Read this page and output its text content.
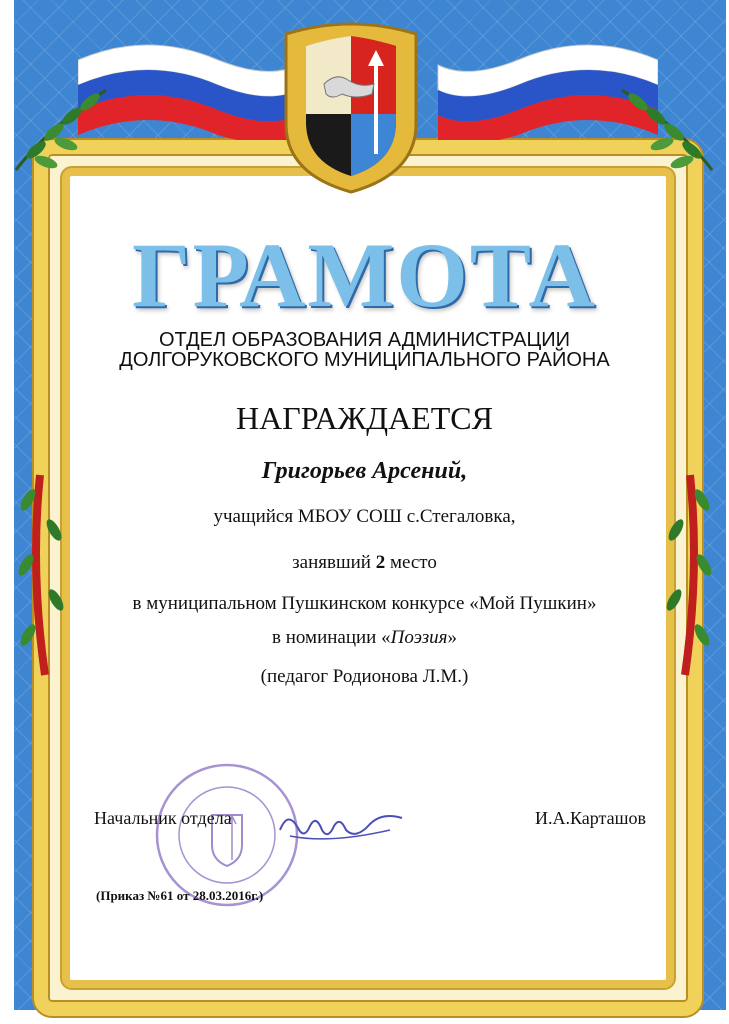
ГРАМОТА
ОТДЕЛ ОБРАЗОВАНИЯ АДМИНИСТРАЦИИ
ДОЛГОРУКОВСКОГО МУНИЦИПАЛЬНОГО РАЙОНА
НАГРАЖДАЕТСЯ
Григорьев Арсений,
учащийся МБОУ СОШ с.Стегаловка,
занявший 2 место
в муниципальном Пушкинском конкурсе «Мой Пушкин»
в номинации «Поэзия»
(педагог Родионова Л.М.)
Начальник отдела	И.А.Карташов
(Приказ №61 от 28.03.2016г.)
